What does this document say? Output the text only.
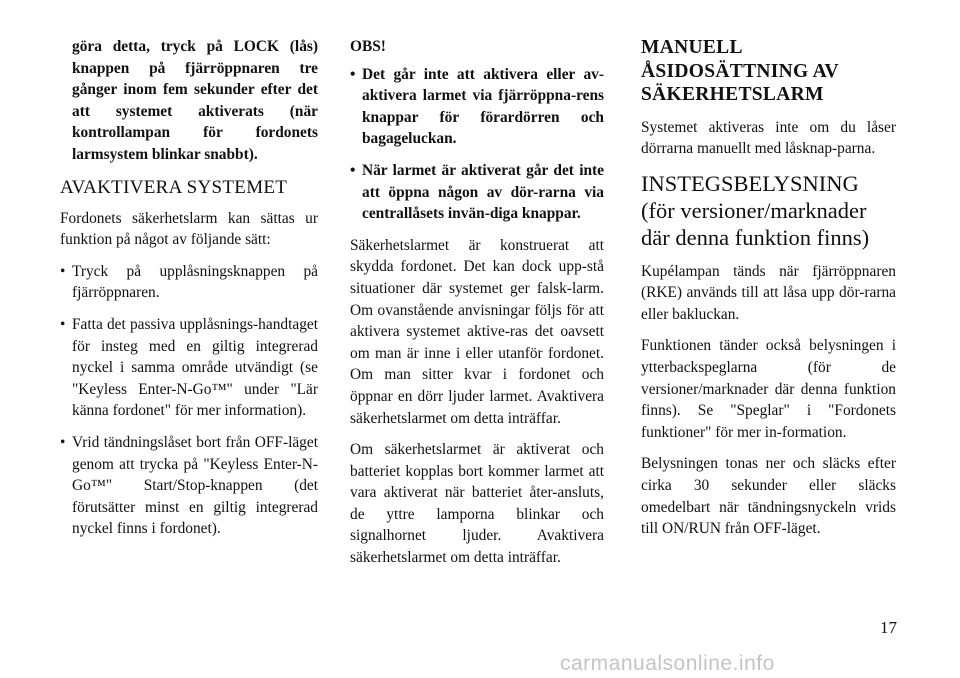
göra detta, tryck på LOCK (lås) knappen på fjärröppnaren tre gånger inom fem sekunder efter det att systemet aktiverats (när kontrollampan för fordonets larmsystem blinkar snabbt).

AVAKTIVERA SYSTEMET

Fordonets säkerhetslarm kan sättas ur funktion på något av följande sätt:

• Tryck på upplåsningsknappen på fjärröppnaren.
• Fatta det passiva upplåsnings-handtaget för insteg med en giltig integrerad nyckel i samma område utvändigt (se "Keyless Enter-N-Go™" under "Lär känna fordonet" för mer information).
• Vrid tändningslåset bort från OFF-läget genom att trycka på "Keyless Enter-N-Go™" Start/Stop-knappen (det förutsätter minst en giltig integrerad nyckel finns i fordonet).

OBS!

• Det går inte att aktivera eller av-aktivera larmet via fjärröppna-rens knappar för förardörren och bagageluckan.
• När larmet är aktiverat går det inte att öppna någon av dör-rarna via centrallåsets invän-diga knappar.

Säkerhetslarmet är konstruerat att skydda fordonet. Det kan dock upp-stå situationer där systemet ger falsk-larm. Om ovanstående anvisningar följs för att aktivera systemet aktive-ras det oavsett om man är inne i eller utanför fordonet. Om man sitter kvar i fordonet och öppnar en dörr ljuder larmet. Avaktivera säkerhetslarmet om detta inträffar.

Om säkerhetslarmet är aktiverat och batteriet kopplas bort kommer larmet att vara aktiverat när batteriet åter-ansluts, de yttre lamporna blinkar och signalhornet ljuder. Avaktivera säkerhetslarmet om detta inträffar.

MANUELL ÅSIDOSÄTTNING AV SÄKERHETSLARM

Systemet aktiveras inte om du låser dörrarna manuellt med låsknap-parna.

INSTEGSBELYSNING (för versioner/marknader där denna funktion finns)

Kupélampan tänds när fjärröppnaren (RKE) används till att låsa upp dör-rarna eller bakluckan.

Funktionen tänder också belysningen i ytterbackspeglarna (för de versioner/marknader där denna funktion finns). Se "Speglar" i "Fordonets funktioner" för mer in-formation.

Belysningen tonas ner och släcks efter cirka 30 sekunder eller släcks omedelbart när tändningsnyckeln vrids till ON/RUN från OFF-läget.

17
carmanualsonline.info
